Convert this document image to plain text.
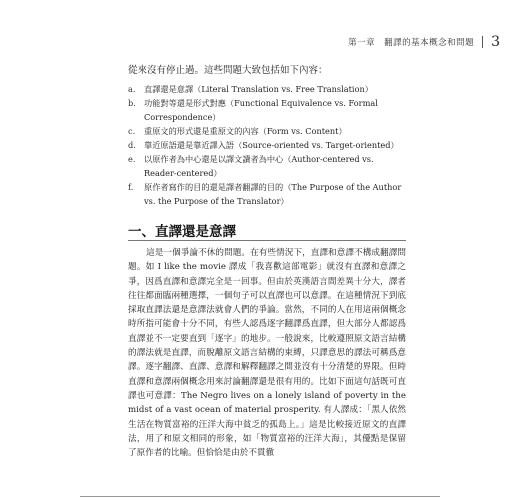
第一章　翻譯的基本概念和問題 3
從來沒有停止過。這些問題大致包括如下內容：
a.	直譯還是意譯（Literal Translation vs. Free Translation）
b. 功能對等還是形式對應（Functional Equivalence vs. Formal Correspondence）
c.	重原文的形式還是重原文的內容（Form vs. Content）
d. 靠近原語還是靠近譯入語（Source-oriented vs. Target-oriented）
e.	以原作者為中心還是以譯文讀者為中心（Author-centered vs. Reader-centered）
f.	原作者寫作的目的還是譯者翻譯的目的（The Purpose of the Author vs. the Purpose of the Translator）
一、直譯還是意譯

這是一個爭論不休的問題。在有些情況下，直譯和意譯不構成翻譯問題。如 I like the movie 譯成「我喜歡這部電影」就沒有直譯和意譯之爭，因爲直譯和意譯完全是一回事。但由於英漢語言間差異十分大，譯者往往都面臨兩種選擇，一個句子可以直譯也可以意譯。在這種情況下到底採取直譯法還是意譯法就會人們的爭論。當然，不同的人在用這兩個概念時所指可能會十分不同，有些人認爲逐字翻譯爲直譯，但大部分人都認爲直譯並不一定要直到「逐字」的地步。一般說來，比較遵照原文語言結構的譯法就是直譯，而脫離原文語言結構的束縛，只譯意思的譯法可稱爲意譯。逐字翻譯、直譯、意譯和解釋翻譯之間並沒有十分清楚的界限。但時直譯和意譯兩個概念用來討論翻譯還是很有用的。比如下面這句話既可直譯也可意譯：The Negro lives on a lonely island of poverty in the midst of a vast ocean of material prosperity. 有人譯成：「黑人依然生活在物質富裕的汪洋大海中貧乏的孤島上。」這是比較接近原文的直譯法，用了和原文相同的形象，如「物質富裕的汪洋大海」，其優點是保留了原作者的比喻。但恰恰是由於不貫徹
